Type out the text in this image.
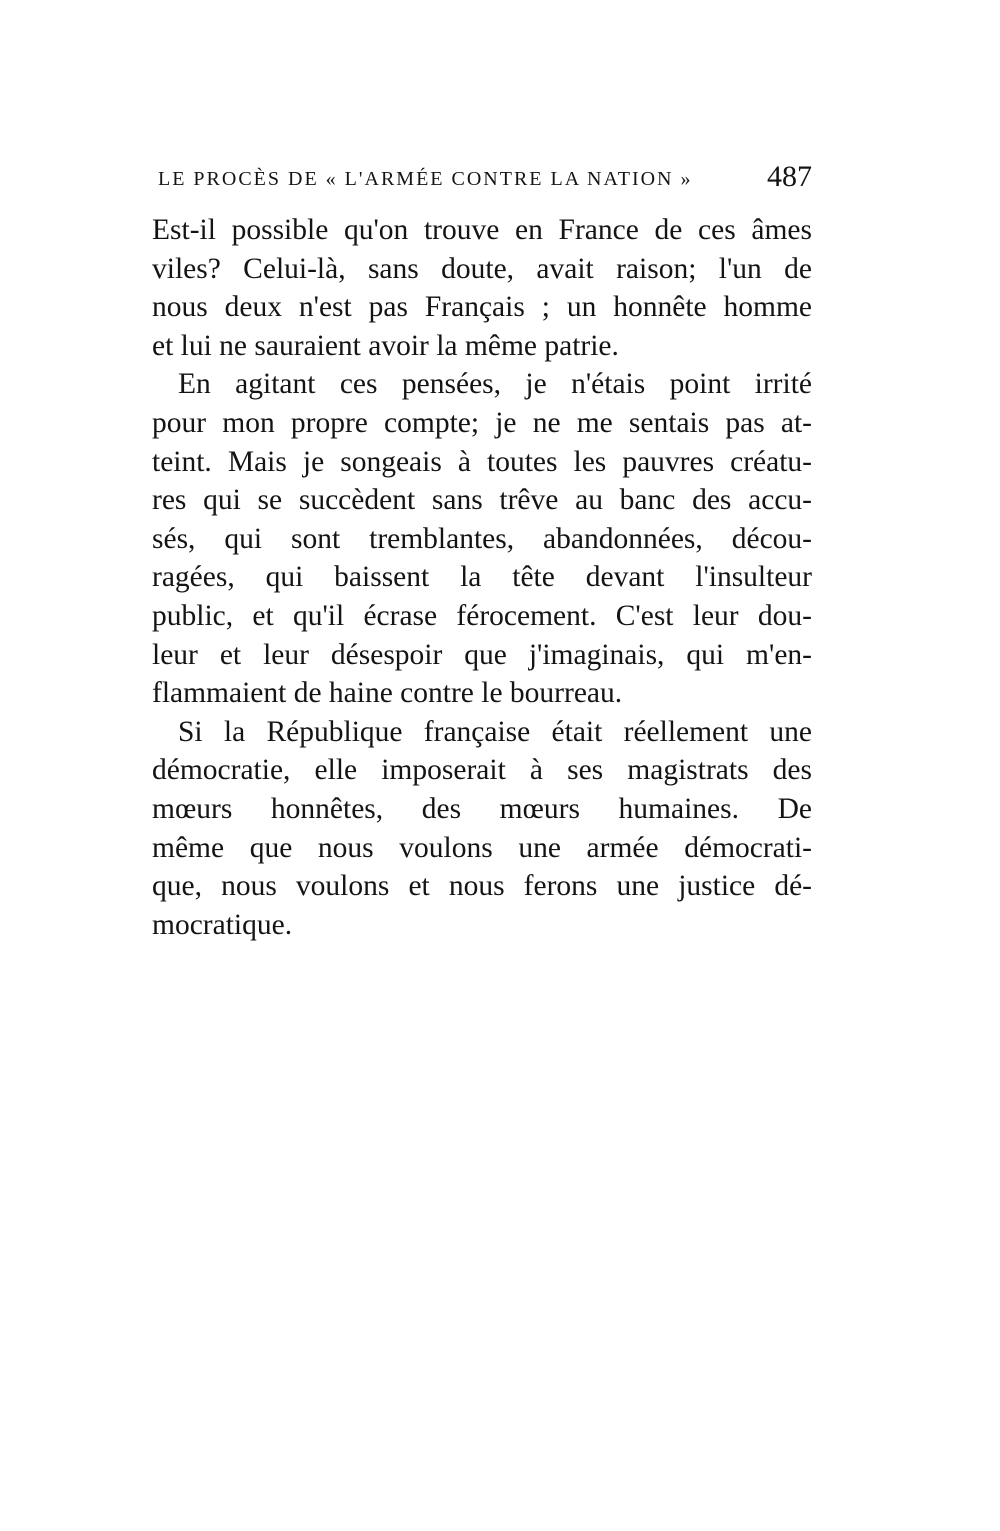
LE PROCÈS DE « L'ARMÉE CONTRE LA NATION » 487
Est-il possible qu'on trouve en France de ces âmes
viles? Celui-là, sans doute, avait raison; l'un de
nous deux n'est pas Français ; un honnête homme
et lui ne sauraient avoir la même patrie.
En agitant ces pensées, je n'étais point irrité
pour mon propre compte; je ne me sentais pas at-
teint. Mais je songeais à toutes les pauvres créatu-
res qui se succèdent sans trêve au banc des accu-
sés, qui sont tremblantes, abandonnées, décou-
ragées, qui baissent la tête devant l'insulteur
public, et qu'il écrase férocement. C'est leur dou-
leur et leur désespoir que j'imaginais, qui m'en-
flammaient de haine contre le bourreau.
Si la République française était réellement une
démocratie, elle imposerait à ses magistrats des
mœurs honnêtes, des mœurs humaines. De
même que nous voulons une armée démocrati-
que, nous voulons et nous ferons une justice dé-
mocratique.
